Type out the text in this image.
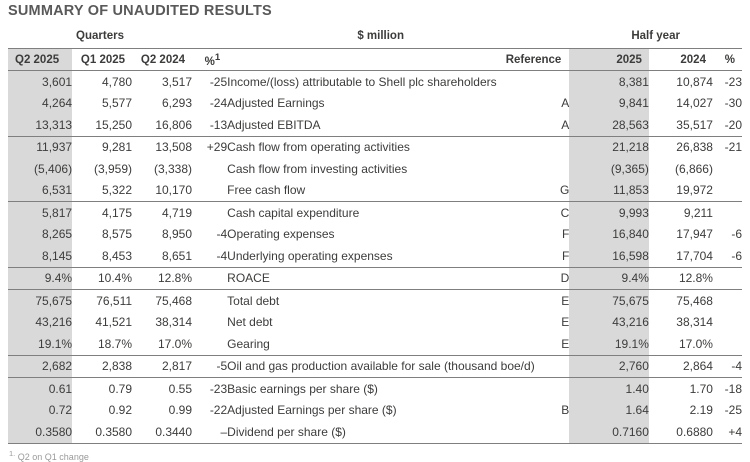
SUMMARY OF UNAUDITED RESULTS
Quarters			$ million			Half year		
Q2 2025	Q1 2025	Q2 2024	%$^1$		Reference	2025	2024	%
3,601	4,780	3,517	-25	Income/(loss) attributable to Shell plc shareholders		8,381	10,874	-23
4,264	5,577	6,293	-24	Adjusted Earnings	A	9,841	14,027	-30
13,313	15,250	16,806	-13	Adjusted EBITDA	A	28,563	35,517	-20
11,937	9,281	13,508	+29	Cash flow from operating activities		21,218	26,838	-21
(5,406)	(3,959)	(3,338)		Cash flow from investing activities		(9,365)	(6,866)	
6,531	5,322	10,170		Free cash flow	G	11,853	19,972	
5,817	4,175	4,719		Cash capital expenditure	C	9,993	9,211	
8,265	8,575	8,950	-4	Operating expenses	F	16,840	17,947	-6
8,145	8,453	8,651	-4	Underlying operating expenses	F	16,598	17,704	-6
9.4%	10.4%	12.8%		ROACE	D	9.4%	12.8%	
75,675	76,511	75,468		Total debt	E	75,675	75,468	
43,216	41,521	38,314		Net debt	E	43,216	38,314	
19.1%	18.7%	17.0%		Gearing	E	19.1%	17.0%	
2,682	2,838	2,817	-5	Oil and gas production available for sale (thousand boe/d)		2,760	2,864	-4
0.61	0.79	0.55	-23	Basic earnings per share ($)		1.40	1.70	-18
0.72	0.92	0.99	-22	Adjusted Earnings per share ($)	B	1.64	2.19	-25
0.3580	0.3580	0.3440	–	Dividend per share ($)		0.7160	0.6880	+4
$^{1.}$ Q2 on Q1 change
